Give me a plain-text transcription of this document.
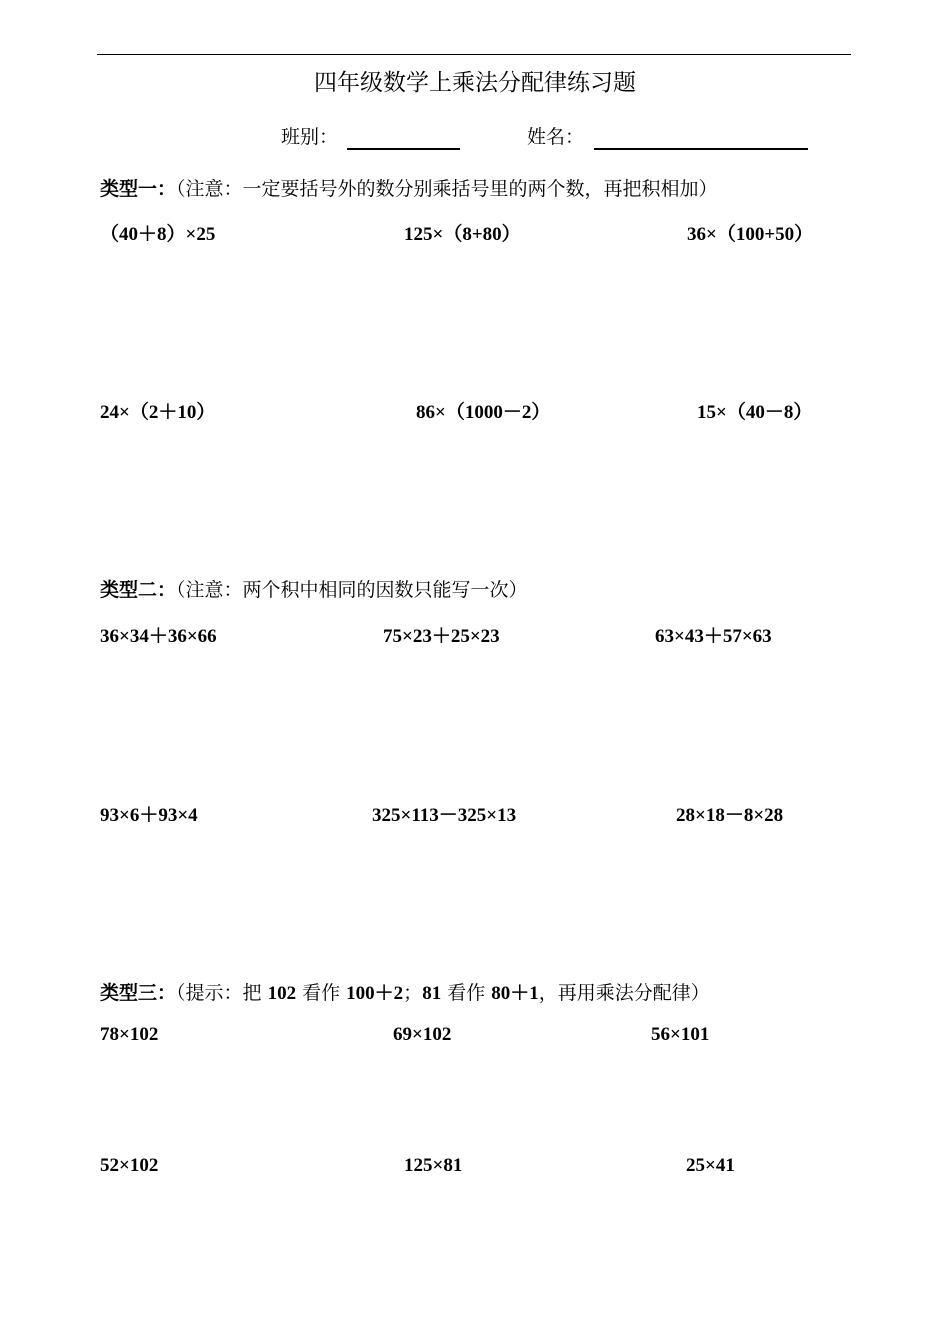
四年级数学上乘法分配律练习题
班别：	姓名：
类型一：（注意：一定要括号外的数分别乘括号里的两个数，再把积相加）
（40＋8）×25	125×（8+80）	36×（100+50）
24×（2＋10）	86×（1000－2）	15×（40－8）
类型二：（注意：两个积中相同的因数只能写一次）
36×34＋36×66	75×23＋25×23	63×43＋57×63
93×6＋93×4	325×113－325×13	28×18－8×28
类型三：（提示：把 102 看作 100＋2；81 看作 80＋1，再用乘法分配律）
78×102	69×102	56×101
52×102	125×81	25×41
